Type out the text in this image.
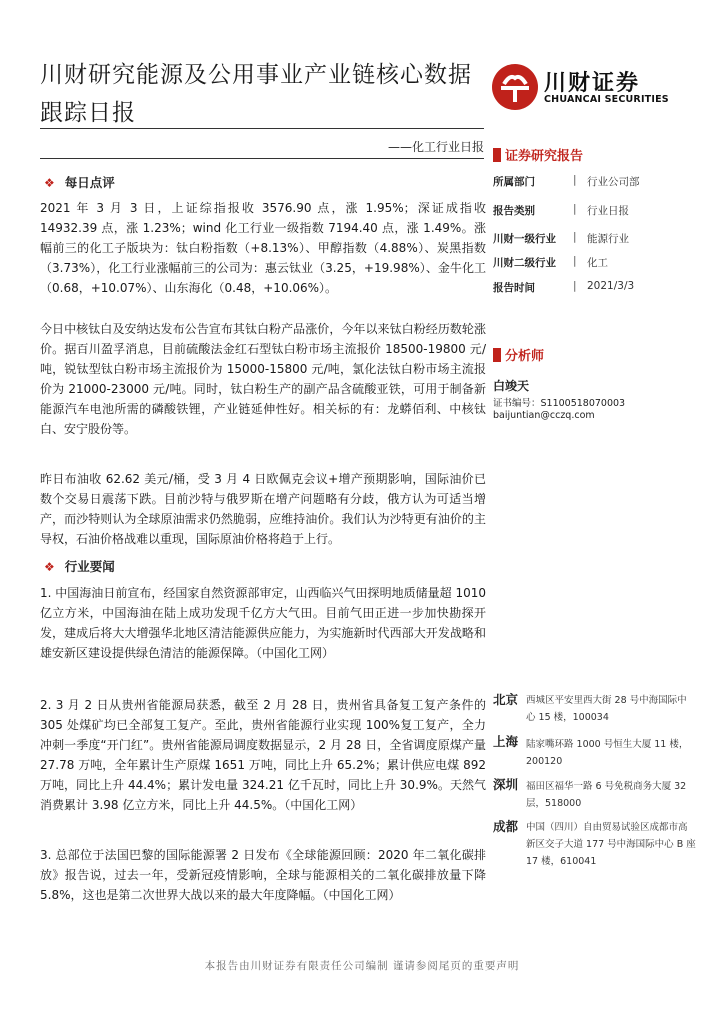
川财研究能源及公用事业产业链核心数据跟踪日报
川财证券
CHUANCAI SECURITIES
——化工行业日报
❖ 每日点评
2021 年 3 月 3 日，上证综指报收 3576.90 点，涨 1.95%；深证成指收 14932.39 点，涨 1.23%；wind 化工行业一级指数 7194.40 点，涨 1.49%。涨幅前三的化工子版块为：钛白粉指数（+8.13%）、甲醇指数（4.88%）、炭黑指数（3.73%），化工行业涨幅前三的公司为：惠云钛业（3.25，+19.98%）、金牛化工（0.68，+10.07%）、山东海化（0.48，+10.06%）。
今日中核钛白及安纳达发布公告宣布其钛白粉产品涨价，今年以来钛白粉经历数轮涨价。据百川盈孚消息，目前硫酸法金红石型钛白粉市场主流报价 18500-19800 元/吨，锐钛型钛白粉市场主流报价为 15000-15800 元/吨，氯化法钛白粉市场主流报价为 21000-23000 元/吨。同时，钛白粉生产的副产品含硫酸亚铁，可用于制备新能源汽车电池所需的磷酸铁锂，产业链延伸性好。相关标的有：龙蟒佰利、中核钛白、安宁股份等。
昨日布油收 62.62 美元/桶，受 3 月 4 日欧佩克会议+增产预期影响，国际油价已数个交易日震荡下跌。目前沙特与俄罗斯在增产问题略有分歧，俄方认为可适当增产，而沙特则认为全球原油需求仍然脆弱，应维持油价。我们认为沙特更有油价的主导权，石油价格战难以重现，国际原油价格将趋于上行。
❖ 行业要闻
1. 中国海油日前宣布，经国家自然资源部审定，山西临兴气田探明地质储量超 1010 亿立方米，中国海油在陆上成功发现千亿方大气田。目前气田正进一步加快勘探开发，建成后将大大增强华北地区清洁能源供应能力，为实施新时代西部大开发战略和雄安新区建设提供绿色清洁的能源保障。（中国化工网）
2. 3 月 2 日从贵州省能源局获悉，截至 2 月 28 日，贵州省具备复工复产条件的 305 处煤矿均已全部复工复产。至此，贵州省能源行业实现 100%复工复产，全力冲刺一季度“开门红”。贵州省能源局调度数据显示，2 月 28 日，全省调度原煤产量 27.78 万吨，全年累计生产原煤 1651 万吨，同比上升 65.2%；累计供应电煤 892 万吨，同比上升 44.4%；累计发电量 324.21 亿千瓦时，同比上升 30.9%。天然气消费累计 3.98 亿立方米，同比上升 44.5%。（中国化工网）
3. 总部位于法国巴黎的国际能源署 2 日发布《全球能源回顾：2020 年二氧化碳排放》报告说，过去一年，受新冠疫情影响，全球与能源相关的二氧化碳排放量下降 5.8%，这也是第二次世界大战以来的最大年度降幅。（中国化工网）
证券研究报告
所属部门	| 行业公司部
报告类别	| 行业日报
川财一级行业 | 能源行业
川财二级行业 | 化工
报告时间	| 2021/3/3
分析师
白竣天
证书编号：S1100518070003
baijuntian@cczq.com
北京 西城区平安里西大街 28 号中海国际中心 15 楼，100034
上海 陆家嘴环路 1000 号恒生大厦 11 楼，200120
深圳 福田区福华一路 6 号免税商务大厦 32 层，518000
成都 中国（四川）自由贸易试验区成都市高新区交子大道 177 号中海国际中心 B 座 17 楼，610041
本报告由川财证券有限责任公司编制 谨请参阅尾页的重要声明
